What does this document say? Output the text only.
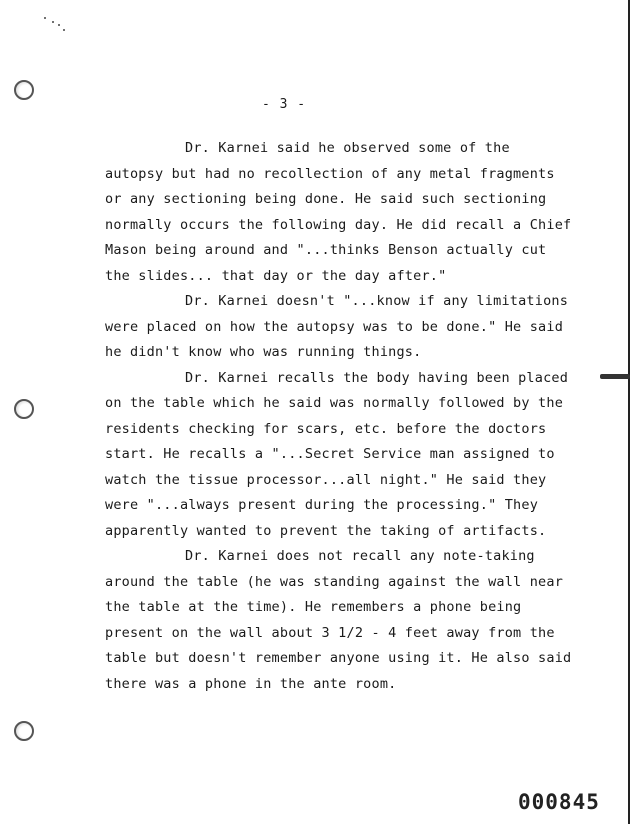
- 3 -

Dr. Karnei said he observed some of the autopsy but had no recollection of any metal fragments or any sectioning being done. He said such sectioning normally occurs the following day. He did recall a Chief Mason being around and "...thinks Benson actually cut the slides... that day or the day after."

Dr. Karnei doesn't "...know if any limitations were placed on how the autopsy was to be done." He said he didn't know who was running things.

Dr. Karnei recalls the body having been placed on the table which he said was normally followed by the residents checking for scars, etc. before the doctors start. He recalls a "...Secret Service man assigned to watch the tissue processor...all night." He said they were "...always present during the processing." They apparently wanted to prevent the taking of artifacts.

Dr. Karnei does not recall any note-taking around the table (he was standing against the wall near the table at the time). He remembers a phone being present on the wall about 3 1/2 - 4 feet away from the table but doesn't remember anyone using it. He also said there was a phone in the ante room.

000845
